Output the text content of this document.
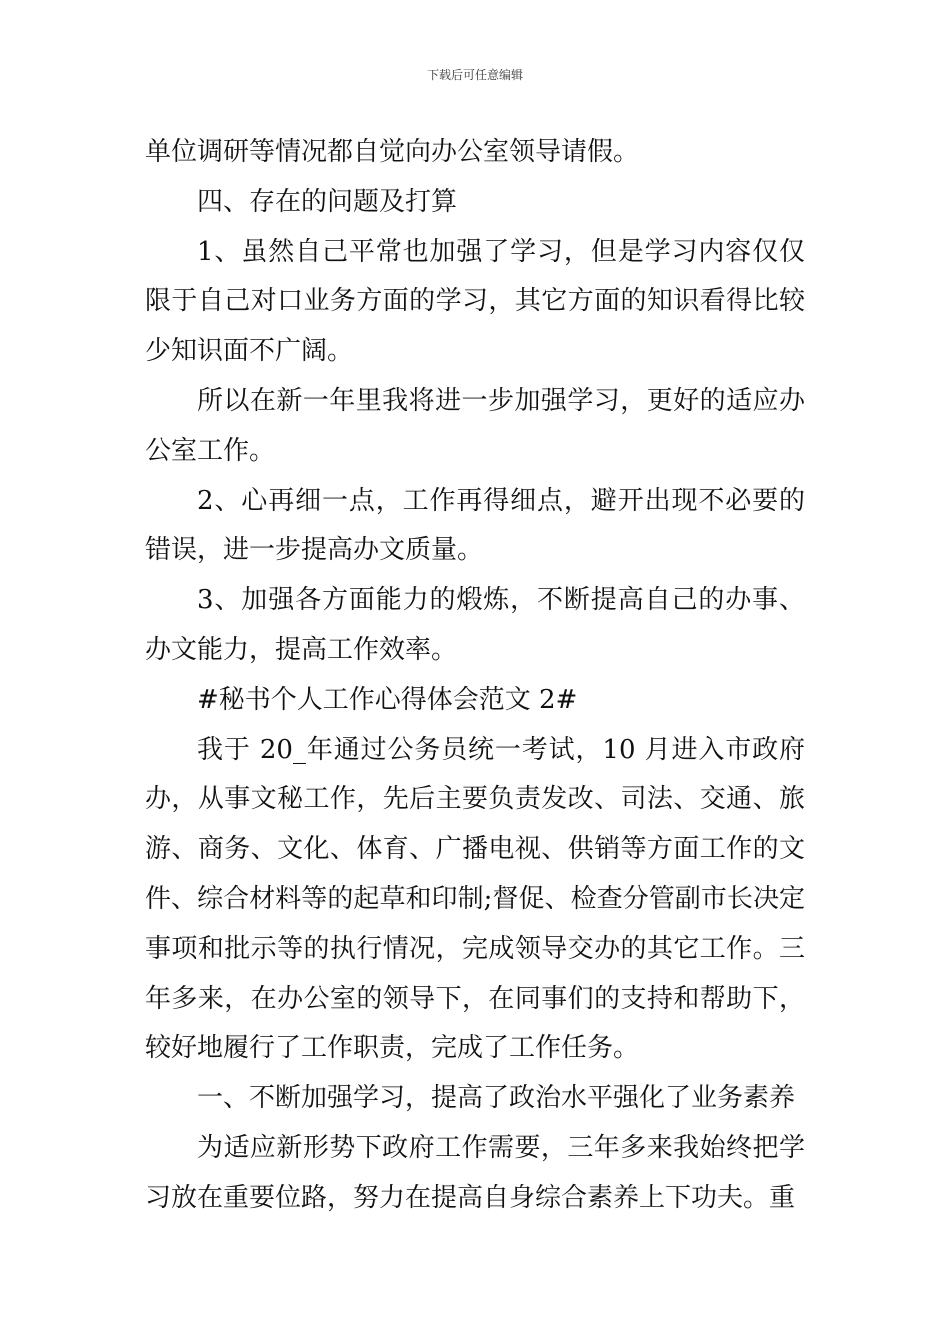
下载后可任意编辑

单位调研等情况都自觉向办公室领导请假。

四、存在的问题及打算

1、虽然自己平常也加强了学习，但是学习内容仅仅限于自己对口业务方面的学习，其它方面的知识看得比较少知识面不广阔。

所以在新一年里我将进一步加强学习，更好的适应办公室工作。

2、心再细一点，工作再得细点，避开出现不必要的错误，进一步提高办文质量。

3、加强各方面能力的煅炼，不断提高自己的办事、办文能力，提高工作效率。

#秘书个人工作心得体会范文 2#

我于 20_年通过公务员统一考试，10 月进入市政府办，从事文秘工作，先后主要负责发改、司法、交通、旅游、商务、文化、体育、广播电视、供销等方面工作的文件、综合材料等的起草和印制;督促、检查分管副市长决定事项和批示等的执行情况，完成领导交办的其它工作。三年多来，在办公室的领导下，在同事们的支持和帮助下，较好地履行了工作职责，完成了工作任务。

一、不断加强学习，提高了政治水平强化了业务素养

为适应新形势下政府工作需要，三年多来我始终把学习放在重要位路，努力在提高自身综合素养上下功夫。重
